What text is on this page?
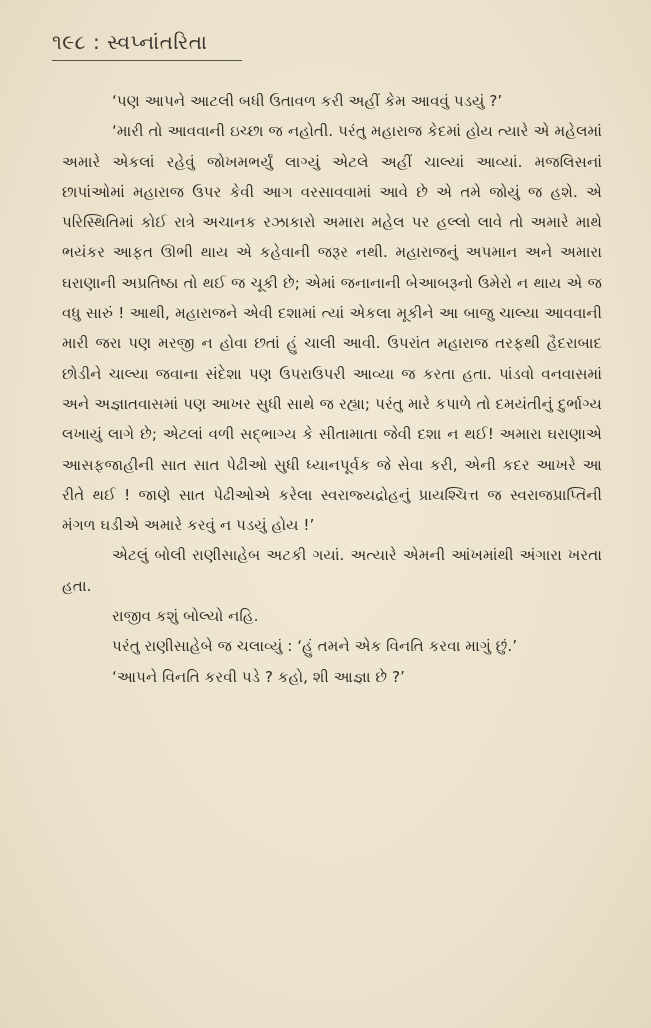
૧૯૮ : સ્વપ્નાંતરિતા

‘પણ આપને આટલી બધી ઉતાવળ કરી અહીં કેમ આવવું પડયું ?’

‘મારી તો આવવાની ઇચ્છા જ નહોતી. પરંતુ મહારાજ કેદમાં હોય ત્યારે એ મહેલમાં અમારે એકલાં રહેવું જોખમભર્યું લાગ્યું એટલે અહીં ચાલ્યાં આવ્યાં. મજલિસનાં છાપાંઓમાં મહારાજ ઉપર કેવી આગ વરસાવવામાં આવે છે એ તમે જોયું જ હશે. એ પરિસ્થિતિમાં કોઈ રાત્રે અચાનક રઝાકારો અમારા મહેલ પર હલ્લો લાવે તો અમારે માથે ભયંકર આફત ઊભી થાય એ કહેવાની જરૂર નથી. મહારાજનું અપમાન અને અમારા ઘરાણાની અપ્રતિષ્ઠા તો થઈ જ ચૂકી છે; એમાં જનાનાની બેઆબરૂનો ઉમેરો ન થાય એ જ વધુ સારું ! આથી, મહારાજને એવી દશામાં ત્યાં એકલા મૂકીને આ બાજુ ચાલ્યા આવવાની મારી જરા પણ મરજી ન હોવા છતાં હું ચાલી આવી. ઉપરાંત મહારાજ તરફથી હૈદરાબાદ છોડીને ચાલ્યા જવાના સંદેશા પણ ઉપરાઉપરી આવ્યા જ કરતા હતા. પાંડવો વનવાસમાં અને અજ્ઞાતવાસમાં પણ આખર સુધી સાથે જ રહ્યા; પરંતુ મારે કપાળે તો દમયંતીનું દુર્ભાગ્ય લખાયું લાગે છે; એટલાં વળી સદ્ભાગ્ય કે સીતામાતા જેવી દશા ન થઈ! અમારા ઘરાણાએ આસફજાહીની સાત સાત પેઢીઓ સુધી ધ્યાનપૂર્વક જે સેવા કરી, એની કદર આખરે આ રીતે થઈ ! જાણે સાત પેઢીઓએ કરેલા સ્વરાજ્યદ્રોહનું પ્રાયશ્ચિત્ત જ સ્વરાજપ્રાપ્તિની મંગળ ઘડીએ અમારે કરવું ન પડયું હોય !’

એટલું બોલી રાણીસાહેબ અટકી ગયાં. અત્યારે એમની આંખમાંથી અંગારા ખરતા હતા.

રાજીવ કશું બોલ્યો નહિ.

પરંતુ રાણીસાહેબે જ ચલાવ્યું : ‘હું તમને એક વિનતિ કરવા માગું છું.’

‘આપને વિનતિ કરવી પડે ? કહો, શી આજ્ઞા છે ?’
